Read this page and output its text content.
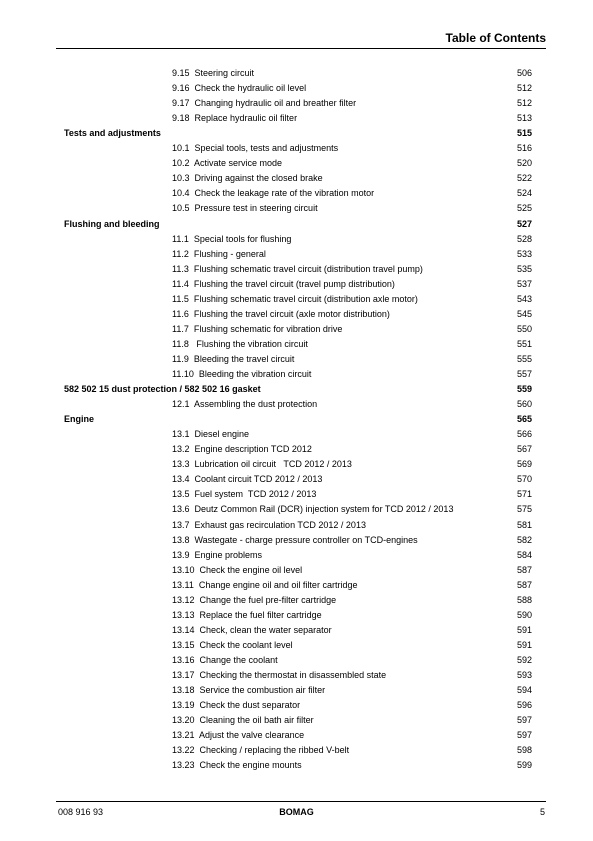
Table of Contents
9.15  Steering circuit	506
9.16  Check the hydraulic oil level	512
9.17  Changing hydraulic oil and breather filter	512
9.18  Replace hydraulic oil filter	513
Tests and adjustments	515
10.1  Special tools, tests and adjustments	516
10.2  Activate service mode	520
10.3  Driving against the closed brake	522
10.4  Check the leakage rate of the vibration motor	524
10.5  Pressure test in steering circuit	525
Flushing and bleeding	527
11.1  Special tools for flushing	528
11.2  Flushing - general	533
11.3  Flushing schematic travel circuit (distribution travel pump)	535
11.4  Flushing the travel circuit (travel pump distribution)	537
11.5  Flushing schematic travel circuit (distribution axle motor)	543
11.6  Flushing the travel circuit (axle motor distribution)	545
11.7  Flushing schematic for vibration drive	550
11.8   Flushing the vibration circuit	551
11.9  Bleeding the travel circuit	555
11.10  Bleeding the vibration circuit	557
582 502 15 dust protection / 582 502 16 gasket	559
12.1  Assembling the dust protection	560
Engine	565
13.1  Diesel engine	566
13.2  Engine description TCD 2012	567
13.3  Lubrication oil circuit   TCD 2012 / 2013	569
13.4  Coolant circuit TCD 2012 / 2013	570
13.5  Fuel system  TCD 2012 / 2013	571
13.6  Deutz Common Rail (DCR) injection system for TCD 2012 / 2013	575
13.7  Exhaust gas recirculation TCD 2012 / 2013	581
13.8  Wastegate - charge pressure controller on TCD-engines	582
13.9  Engine problems	584
13.10  Check the engine oil level	587
13.11  Change engine oil and oil filter cartridge	587
13.12  Change the fuel pre-filter cartridge	588
13.13  Replace the fuel filter cartridge	590
13.14  Check, clean the water separator	591
13.15  Check the coolant level	591
13.16  Change the coolant	592
13.17  Checking the thermostat in disassembled state	593
13.18  Service the combustion air filter	594
13.19  Check the dust separator	596
13.20  Cleaning the oil bath air filter	597
13.21  Adjust the valve clearance	597
13.22  Checking / replacing the ribbed V-belt	598
13.23  Check the engine mounts	599
008 916 93	BOMAG	5
